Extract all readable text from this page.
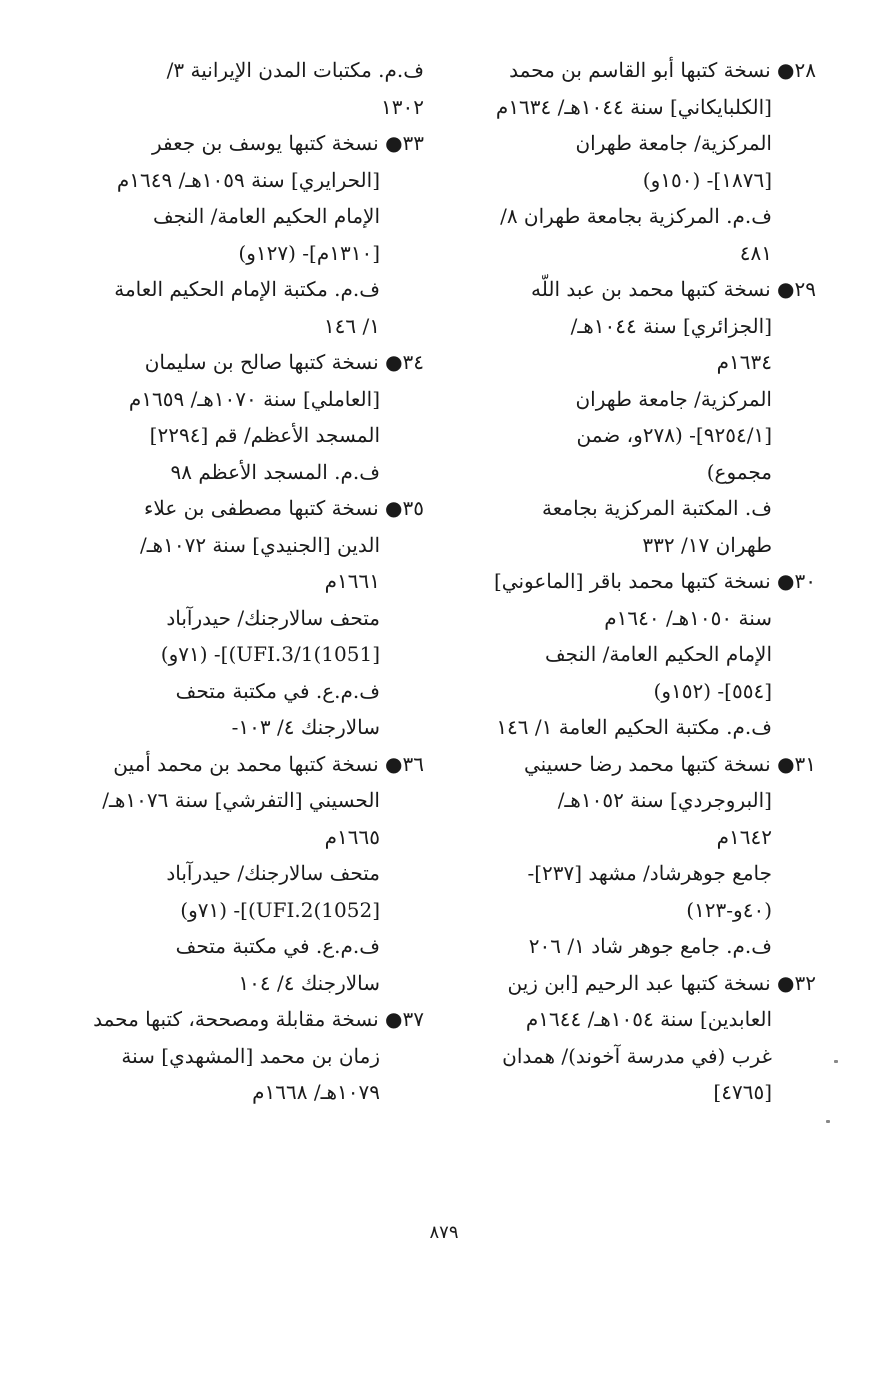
٢٨● نسخة كتبها أبو القاسم بن محمد
[الكلبايكاني] سنة ١٠٤٤هـ/ ١٦٣٤م
المركزية/ جامعة طهران
[١٨٧٦]- (١٥٠و)
ف.م. المركزية بجامعة طهران ٨/
٤٨١
٢٩● نسخة كتبها محمد بن عبد اللّه
[الجزائري] سنة ١٠٤٤هـ/
١٦٣٤م
المركزية/ جامعة طهران
[٩٢٥٤/١]- (٢٧٨و، ضمن
مجموع)
ف. المكتبة المركزية بجامعة
طهران ١٧/ ٣٣٢
٣٠● نسخة كتبها محمد باقر [الماعوني]
سنة ١٠٥٠هـ/ ١٦٤٠م
الإمام الحكيم العامة/ النجف
[٥٥٤]- (١٥٢و)
ف.م. مكتبة الحكيم العامة ١/ ١٤٦
٣١● نسخة كتبها محمد رضا حسيني
[البروجردي] سنة ١٠٥٢هـ/
١٦٤٢م
جامع جوهرشاد/ مشهد [٢٣٧]-
(٤٠و-١٢٣)
ف.م. جامع جوهر شاد ١/ ٢٠٦
٣٢● نسخة كتبها عبد الرحيم [ابن زين
العابدين] سنة ١٠٥٤هـ/ ١٦٤٤م
غرب (في مدرسة آخوند)/ همدان
[٤٧٦٥]
ف.م. مكتبات المدن الإيرانية ٣/
١٣٠٢
٣٣● نسخة كتبها يوسف بن جعفر
[الحرايري] سنة ١٠٥٩هـ/ ١٦٤٩م
الإمام الحكيم العامة/ النجف
[١٣١٠م]- (١٢٧و)
ف.م. مكتبة الإمام الحكيم العامة
١/ ١٤٦
٣٤● نسخة كتبها صالح بن سليمان
[العاملي] سنة ١٠٧٠هـ/ ١٦٥٩م
المسجد الأعظم/ قم [٢٢٩٤]
ف.م. المسجد الأعظم ٩٨
٣٥● نسخة كتبها مصطفى بن علاء
الدين [الجنيدي] سنة ١٠٧٢هـ/
١٦٦١م
متحف سالارجنك/ حيدرآباد
[1051)UFI.3/1)]- (٧١و)
ف.م.ع. في مكتبة متحف
سالارجنك ٤/ ١٠٣-
٣٦● نسخة كتبها محمد بن محمد أمين
الحسيني [التفرشي] سنة ١٠٧٦هـ/
١٦٦٥م
متحف سالارجنك/ حيدرآباد
[1052)UFI.2)]- (٧١و)
ف.م.ع. في مكتبة متحف
سالارجنك ٤/ ١٠٤
٣٧● نسخة مقابلة ومصححة، كتبها محمد
زمان بن محمد [المشهدي] سنة
١٠٧٩هـ/ ١٦٦٨م
٨٧٩
